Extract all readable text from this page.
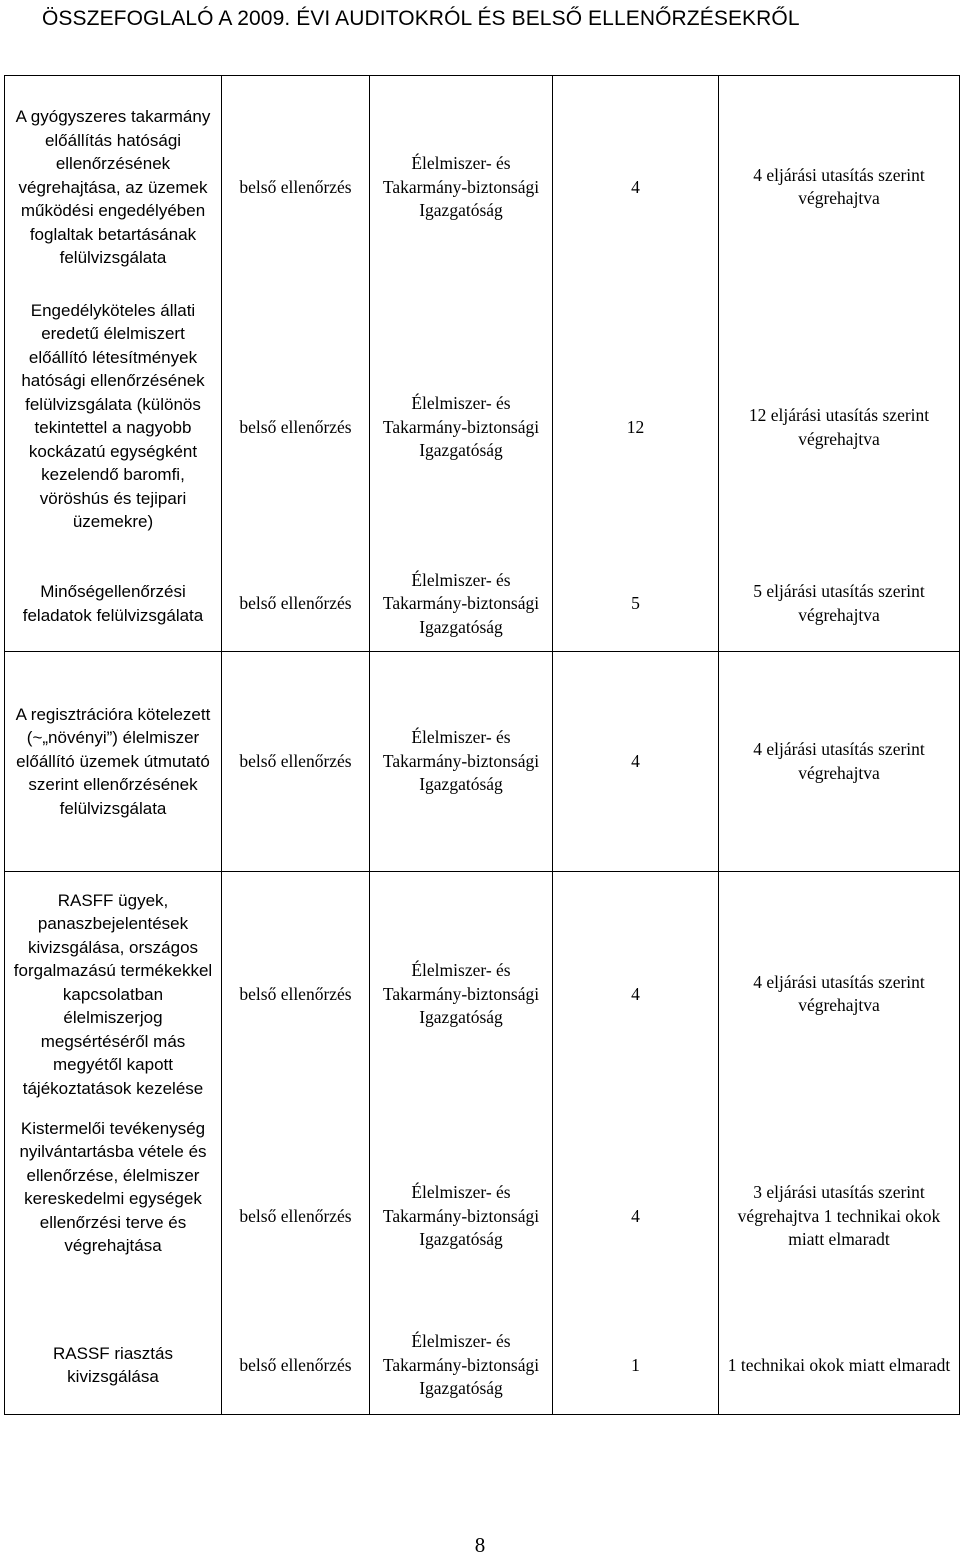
ÖSSZEFOGLALÓ A 2009. ÉVI AUDITOKRÓL ÉS BELSŐ ELLENŐRZÉSEKRŐL
A gyógyszeres takarmány előállítás hatósági ellenőrzésének végrehajtása, az üzemek működési engedélyében foglaltak betartásának felülvizsgálata	belső ellenőrzés	Élelmiszer- és Takarmány-biztonsági Igazgatóság	4	4 eljárási utasítás szerint végrehajtva
Engedélyköteles állati eredetű élelmiszert előállító létesítmények hatósági ellenőrzésének felülvizsgálata (különös tekintettel a nagyobb kockázatú egységként kezelendő baromfi, vöröshús és tejipari üzemekre)	belső ellenőrzés	Élelmiszer- és Takarmány-biztonsági Igazgatóság	12	12 eljárási utasítás szerint végrehajtva
Minőségellenőrzési feladatok felülvizsgálata	belső ellenőrzés	Élelmiszer- és Takarmány-biztonsági Igazgatóság	5	5 eljárási utasítás szerint végrehajtva
A regisztrációra kötelezett (~„növényi”) élelmiszer előállító üzemek útmutató szerint ellenőrzésének felülvizsgálata	belső ellenőrzés	Élelmiszer- és Takarmány-biztonsági Igazgatóság	4	4 eljárási utasítás szerint végrehajtva
RASFF ügyek, panaszbejelentések kivizsgálása, országos forgalmazású termékekkel kapcsolatban élelmiszerjog megsértéséről más megyétől kapott tájékoztatások kezelése	belső ellenőrzés	Élelmiszer- és Takarmány-biztonsági Igazgatóság	4	4 eljárási utasítás szerint végrehajtva
Kistermelői tevékenység nyilvántartásba vétele és ellenőrzése, élelmiszer kereskedelmi egységek ellenőrzési terve és végrehajtása	belső ellenőrzés	Élelmiszer- és Takarmány-biztonsági Igazgatóság	4	3 eljárási utasítás szerint végrehajtva 1 technikai okok miatt elmaradt
RASSF riasztás kivizsgálása	belső ellenőrzés	Élelmiszer- és Takarmány-biztonsági Igazgatóság	1	1 technikai okok miatt elmaradt
8
